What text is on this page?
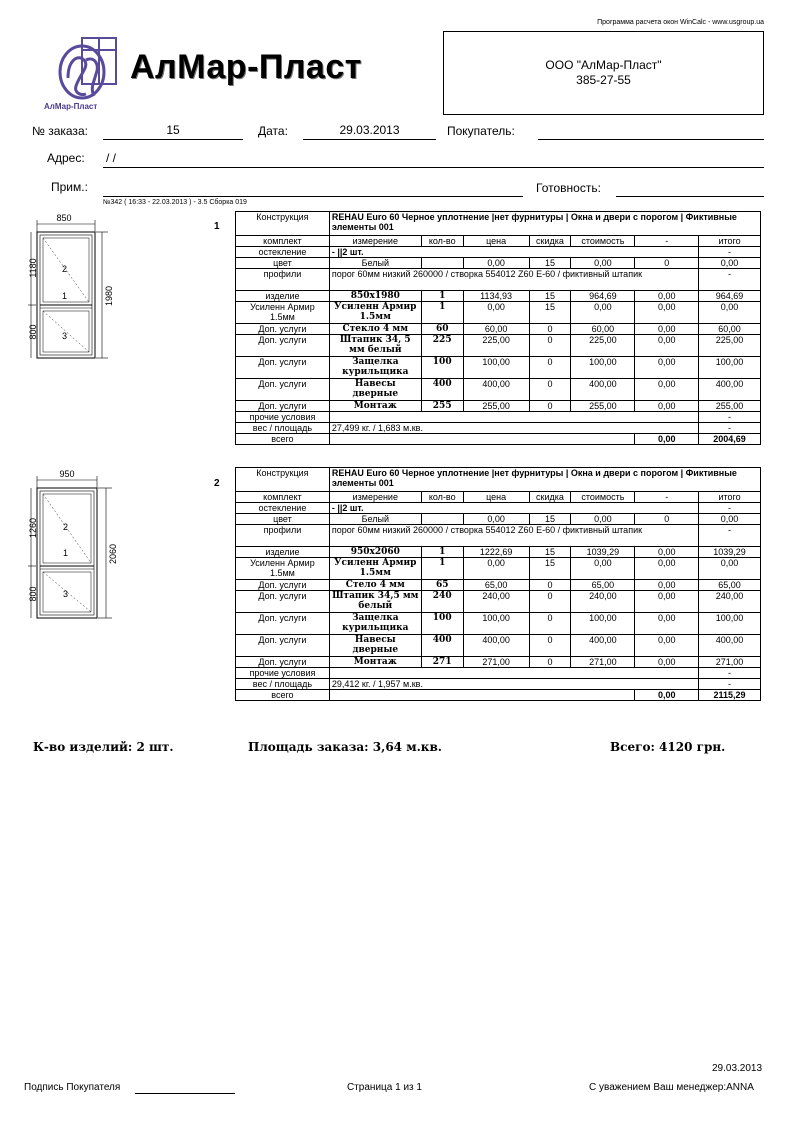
АлМар-Пласт
АлМар-Пласт
Программа расчета окон WinCalc - www.usgroup.ua
ООО "АлМар-Пласт"
385-27-55
№ заказа:	15	Дата:	29.03.2013	Покупатель:
Адрес: / /
Прим.:	Готовность:
№342 ( 16:33 - 22.03.2013 ) - 3.5 Сборка 019
1
850
2
1
3
1180
800
1980
Конструкция	REHAU Euro 60 Черное уплотнение |нет фурнитуры | Окна и двери с порогом | Фиктивные элементы 001						
комплект	измерение	кол-во	цена	скидка	стоимость	-	итого
остекление	- ||2 шт.						-
цвет	Белый		0,00	15	0,00	0	0,00
профили	порог 60мм низкий 260000 / створка 554012 Z60 E-60 / фиктивный штапик						-
изделие	850x1980	1	1134,93	15	964,69	0,00	964,69
Усиленн Армир 1.5мм	Усиленн Армир 1.5мм	1	0,00	15	0,00	0,00	0,00
Доп. услуги	Стекло 4 мм	60	60,00	0	60,00	0,00	60,00
Доп. услуги	Штапик 34, 5 мм белый	225	225,00	0	225,00	0,00	225,00
Доп. услуги	Защелка курильщика	100	100,00	0	100,00	0,00	100,00
Доп. услуги	Навесы дверные	400	400,00	0	400,00	0,00	400,00
Доп. услуги	Монтаж	255	255,00	0	255,00	0,00	255,00
прочие условия							-
вес / площадь	27,499 кг. / 1,683 м.кв.						-
всего						0,00	2004,69
2
950
2
1
3
1260
800
2060
Конструкция	REHAU Euro 60 Черное уплотнение |нет фурнитуры | Окна и двери с порогом | Фиктивные элементы 001						
комплект	измерение	кол-во	цена	скидка	стоимость	-	итого
остекление	- ||2 шт.						-
цвет	Белый		0,00	15	0,00	0	0,00
профили	порог 60мм низкий 260000 / створка 554012 Z60 E-60 / фиктивный штапик						-
изделие	950x2060	1	1222,69	15	1039,29	0,00	1039,29
Усиленн Армир 1.5мм	Усиленн Армир 1.5мм	1	0,00	15	0,00	0,00	0,00
Доп. услуги	Стело 4 мм	65	65,00	0	65,00	0,00	65,00
Доп. услуги	Штапик 34,5 мм белый	240	240,00	0	240,00	0,00	240,00
Доп. услуги	Защелка курильщика	100	100,00	0	100,00	0,00	100,00
Доп. услуги	Навесы дверные	400	400,00	0	400,00	0,00	400,00
Доп. услуги	Монтаж	271	271,00	0	271,00	0,00	271,00
прочие условия							-
вес / площадь	29,412 кг. / 1,957 м.кв.						-
всего						0,00	2115,29
К-во изделий: 2 шт.	Площадь заказа: 3,64 м.кв.	Всего: 4120 грн.
29.03.2013
Подпись Покупателя	Страница 1 из 1	С уважением Ваш менеджер:ANNA
